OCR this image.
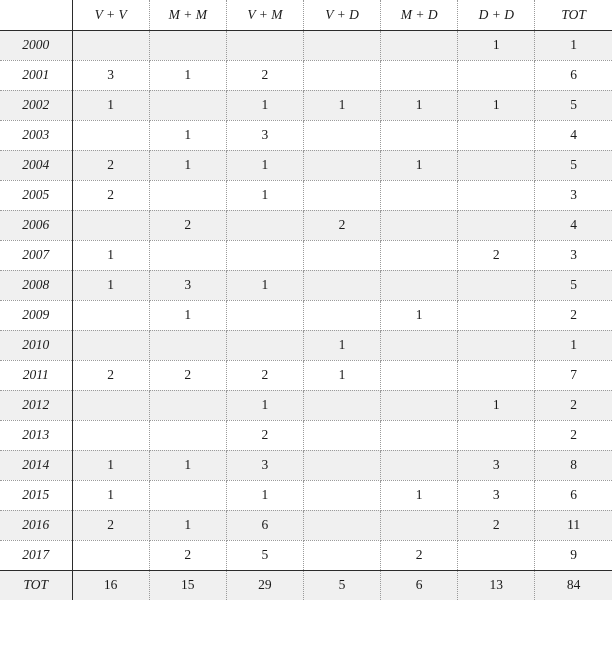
	V + V	M + M	V + M	V + D	M + D	D + D	TOT
2000						1	1
2001	3	1	2				6
2002	1		1	1	1	1	5
2003		1	3				4
2004	2	1	1		1		5
2005	2		1				3
2006		2		2			4
2007	1					2	3
2008	1	3	1				5
2009		1			1		2
2010				1			1
2011	2	2	2	1			7
2012			1			1	2
2013			2				2
2014	1	1	3			3	8
2015	1		1		1	3	6
2016	2	1	6			2	11
2017		2	5		2		9
TOT	16	15	29	5	6	13	84
